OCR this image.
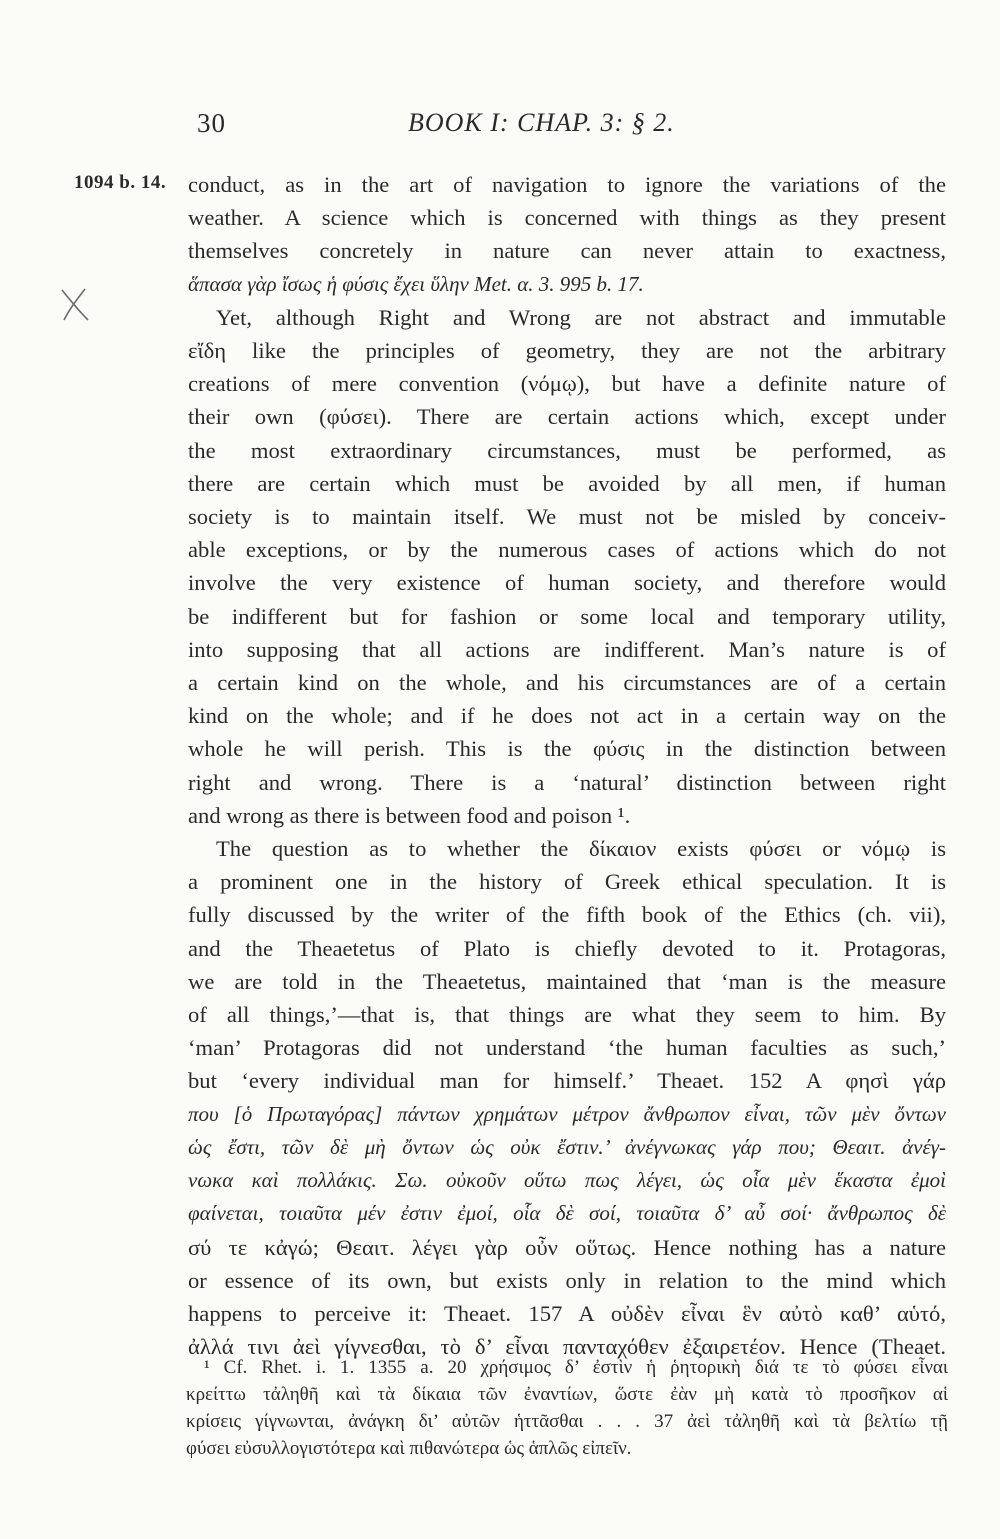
30	BOOK I: CHAP. 3: § 2.
1094 b. 14. conduct, as in the art of navigation to ignore the variations of the
weather. A science which is concerned with things as they present
themselves concretely in nature can never attain to exactness,
ἅπασα γὰρ ἴσως ἡ φύσις ἔχει ὕλην Met. α. 3. 995 b. 17.
Yet, although Right and Wrong are not abstract and immutable
εἴδη like the principles of geometry, they are not the arbitrary
creations of mere convention (νόμῳ), but have a definite nature of
their own (φύσει). There are certain actions which, except under
the most extraordinary circumstances, must be performed, as
there are certain which must be avoided by all men, if human
society is to maintain itself. We must not be misled by conceiv-
able exceptions, or by the numerous cases of actions which do not
involve the very existence of human society, and therefore would
be indifferent but for fashion or some local and temporary utility,
into supposing that all actions are indifferent. Man’s nature is of
a certain kind on the whole, and his circumstances are of a certain
kind on the whole; and if he does not act in a certain way on the
whole he will perish. This is the φύσις in the distinction between
right and wrong. There is a ‘natural’ distinction between right
and wrong as there is between food and poison ¹.
The question as to whether the δίκαιον exists φύσει or νόμῳ is
a prominent one in the history of Greek ethical speculation. It is
fully discussed by the writer of the fifth book of the Ethics (ch. vii),
and the Theaetetus of Plato is chiefly devoted to it. Protagoras,
we are told in the Theaetetus, maintained that ‘man is the measure
of all things,’—that is, that things are what they seem to him. By
‘man’ Protagoras did not understand ‘the human faculties as such,’
but ‘every individual man for himself.’ Theaet. 152 A φησὶ γάρ
που [ὁ Πρωταγόρας] πάντων χρημάτων μέτρον ἄνθρωπον εἶναι, τῶν μὲν ὄντων
ὡς ἔστι, τῶν δὲ μὴ ὄντων ὡς οὐκ ἔστιν.’ ἀνέγνωκας γάρ που; Θεαιτ. ἀνέγ-
νωκα καὶ πολλάκις. Σω. οὐκοῦν οὕτω πως λέγει, ὡς οἷα μὲν ἕκαστα ἐμοὶ
φαίνεται, τοιαῦτα μέν ἐστιν ἐμοί, οἷα δὲ σοί, τοιαῦτα δ’ αὖ σοί· ἄνθρωπος δὲ
σύ τε κἀγώ; Θεαιτ. λέγει γὰρ οὖν οὕτως. Hence nothing has a nature
or essence of its own, but exists only in relation to the mind which
happens to perceive it: Theaet. 157 A οὐδὲν εἶναι ἓν αὐτὸ καθ’ αὑτό,
ἀλλά τινι ἀεὶ γίγνεσθαι, τὸ δ’ εἶναι πανταχόθεν ἐξαιρετέον. Hence (Theaet.
¹ Cf. Rhet. i. 1. 1355 a. 20 χρήσιμος δ’ ἐστὶν ἡ ῥητορικὴ διά τε τὸ φύσει εἶναι
κρείττω τἀληθῆ καὶ τὰ δίκαια τῶν ἐναντίων, ὥστε ἐὰν μὴ κατὰ τὸ προσῆκον αἱ
κρίσεις γίγνωνται, ἀνάγκη δι’ αὐτῶν ἡττᾶσθαι . . . 37 ἀεὶ τἀληθῆ καὶ τὰ βελτίω τῇ
φύσει εὐσυλλογιστότερα καὶ πιθανώτερα ὡς ἁπλῶς εἰπεῖν.
